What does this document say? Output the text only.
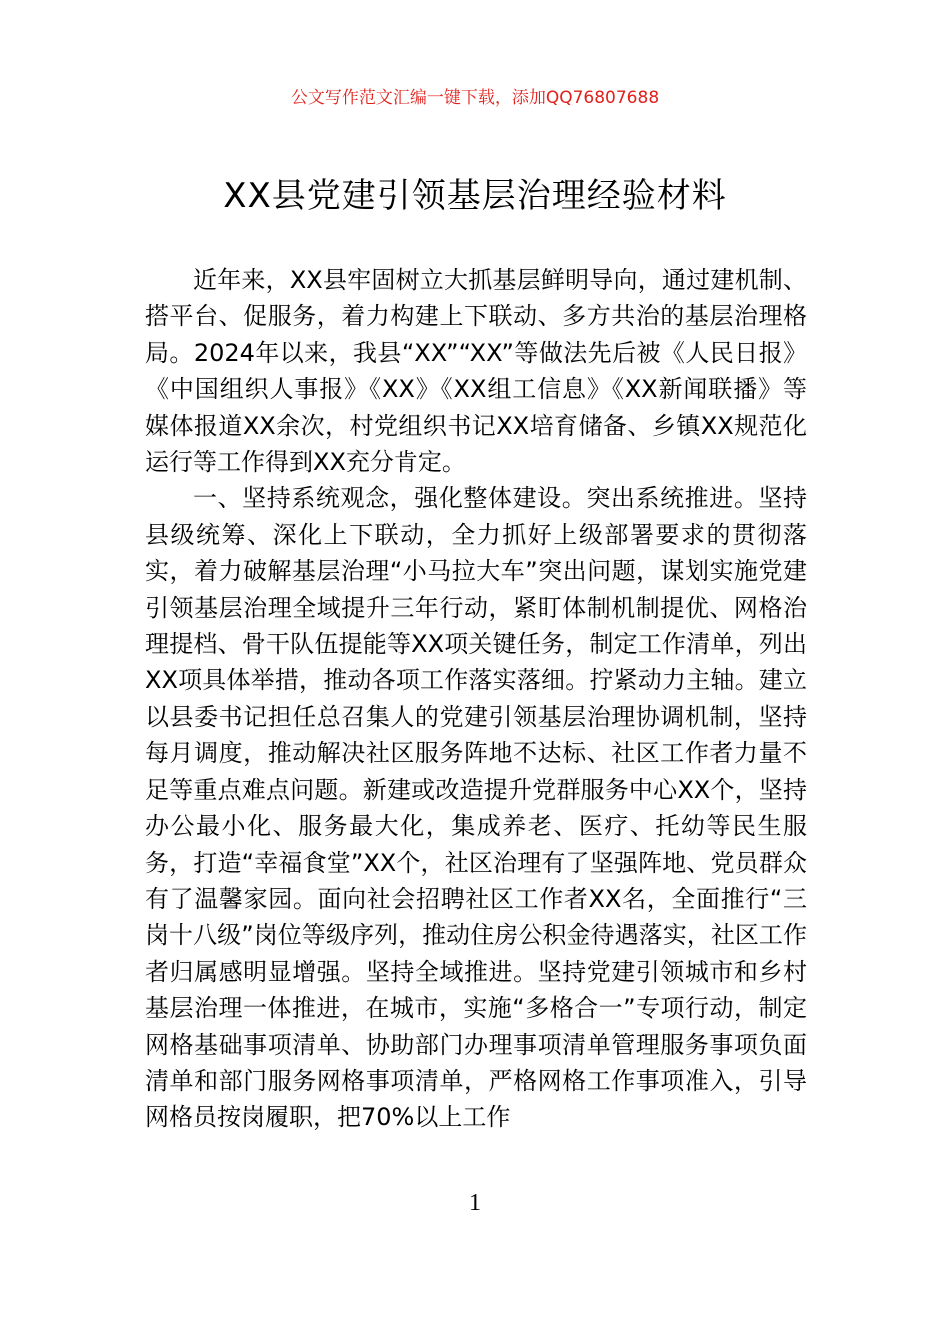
公文写作范文汇编一键下载，添加QQ76807688
XX县党建引领基层治理经验材料

近年来，XX县牢固树立大抓基层鲜明导向，通过建机制、搭平台、促服务，着力构建上下联动、多方共治的基层治理格局。2024年以来，我县“XX”“XX”等做法先后被《人民日报》《中国组织人事报》《XX》《XX组工信息》《XX新闻联播》等媒体报道XX余次，村党组织书记XX培育储备、乡镇XX规范化运行等工作得到XX充分肯定。

一、坚持系统观念，强化整体建设。突出系统推进。坚持县级统筹、深化上下联动，全力抓好上级部署要求的贯彻落实，着力破解基层治理“小马拉大车”突出问题，谋划实施党建引领基层治理全域提升三年行动，紧盯体制机制提优、网格治理提档、骨干队伍提能等XX项关键任务，制定工作清单，列出XX项具体举措，推动各项工作落实落细。拧紧动力主轴。建立以县委书记担任总召集人的党建引领基层治理协调机制，坚持每月调度，推动解决社区服务阵地不达标、社区工作者力量不足等重点难点问题。新建或改造提升党群服务中心XX个，坚持办公最小化、服务最大化，集成养老、医疗、托幼等民生服务，打造“幸福食堂”XX个，社区治理有了坚强阵地、党员群众有了温馨家园。面向社会招聘社区工作者XX名，全面推行“三岗十八级”岗位等级序列，推动住房公积金待遇落实，社区工作者归属感明显增强。坚持全域推进。坚持党建引领城市和乡村基层治理一体推进，在城市，实施“多格合一”专项行动，制定网格基础事项清单、协助部门办理事项清单管理服务事项负面清单和部门服务网格事项清单，严格网格工作事项准入，引导网格员按岗履职，把70%以上工作

1
